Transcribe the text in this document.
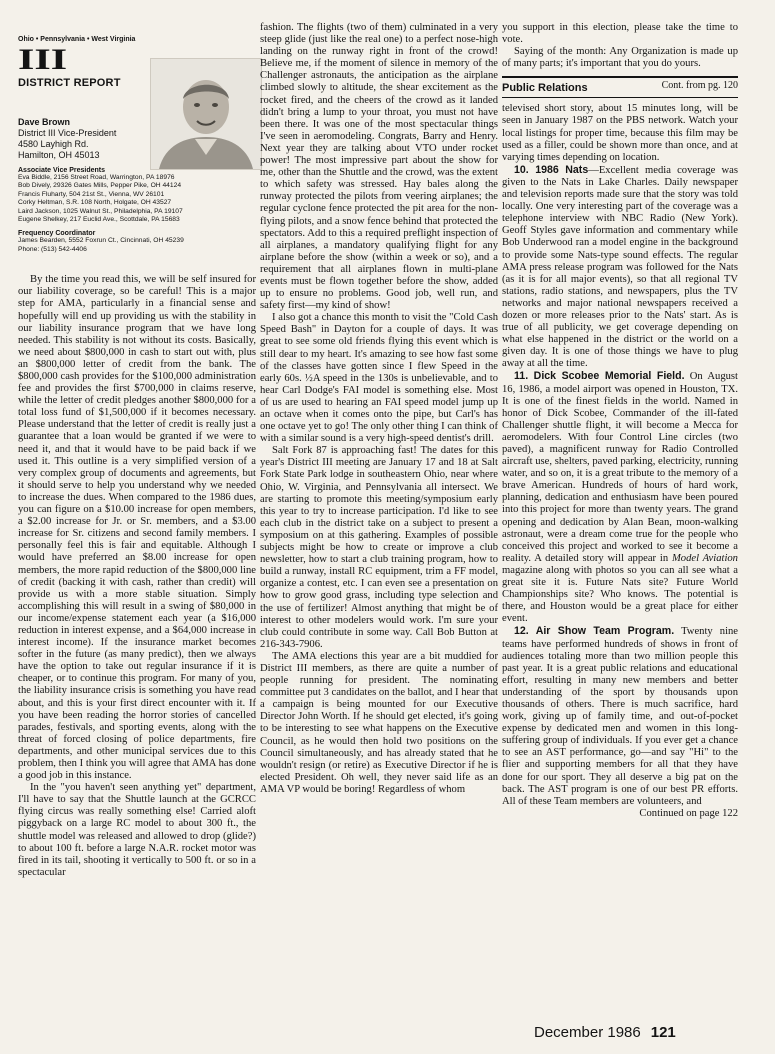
Ohio • Pennsylvania • West Virginia
III
DISTRICT REPORT
Dave Brown
District III Vice-President
4580 Layhigh Rd.
Hamilton, OH 45013
Associate Vice Presidents
Eva Biddle, 2156 Street Road, Warrington, PA 18976
Bob Dively, 29326 Gates Mills, Pepper Pike, OH 44124
Francis Fluharty, 504 21st St., Vienna, WV 26101
Corky Heltman, S.R. 108 North, Holgate, OH 43527
Laird Jackson, 1025 Walnut St., Philadelphia, PA 19107
Eugene Shelkey, 217 Euclid Ave., Scottdale, PA 15683
Frequency Coordinator
James Bearden, 5552 Foxrun Ct., Cincinnati, OH 45239
Phone: (513) 542-4406

By the time you read this, we will be self insured for our liability coverage, so be careful! This is a major step for AMA, particularly in a financial sense and hopefully will end up providing us with the stability in our liability insurance program that we have long needed. This stability is not without its costs. Basically, we need about $800,000 in cash to start out with, plus an $800,000 letter of credit from the bank. The $800,000 cash provides for the $100,000 administration fee and provides the first $700,000 in claims reserve, while the letter of credit pledges another $800,000 for a total loss fund of $1,500,000 if it becomes necessary. Please understand that the letter of credit is really just a guarantee that a loan would be granted if we were to need it, and that it would have to be paid back if we used it. This outline is a very simplified version of a very complex group of documents and agreements, but it should serve to help you understand why we needed to increase the dues. When compared to the 1986 dues, you can figure on a $10.00 increase for open members, a $2.00 increase for Jr. or Sr. members, and a $3.00 increase for Sr. citizens and second family members. I personally feel this is fair and equitable. Although I would have preferred an $8.00 increase for open members, the more rapid reduction of the $800,000 line of credit (backing it with cash, rather than credit) will provide us with a more stable situation. Simply accomplishing this will result in a swing of $80,000 in our income/expense statement each year (a $16,000 reduction in interest expense, and a $64,000 increase in interest income). If the insurance market becomes softer in the future (as many predict), then we always have the option to take out regular insurance if it is cheaper, or to continue this program. For many of you, the liability insurance crisis is something you have read about, and this is your first direct encounter with it. If you have been reading the horror stories of cancelled parades, festivals, and sporting events, along with the threat of forced closing of police departments, fire departments, and other municipal services due to this problem, then I think you will agree that AMA has done a good job in this instance.

In the "you haven't seen anything yet" department, I'll have to say that the Shuttle launch at the GCRCC flying circus was really something else! Carried aloft piggyback on a large RC model to about 300 ft., the shuttle model was released and allowed to drop (glide?) to about 100 ft. before a large N.A.R. rocket motor was fired in its tail, shooting it vertically to 500 ft. or so in a spectacular

fashion. The flights (two of them) culminated in a very steep glide (just like the real one) to a perfect nose-high landing on the runway right in front of the crowd! Believe me, if the moment of silence in memory of the Challenger astronauts, the anticipation as the airplane climbed slowly to altitude, the shear excitement as the rocket fired, and the cheers of the crowd as it landed didn't bring a lump to your throat, you must not have been there. It was one of the most spectacular things I've seen in aeromodeling. Congrats, Barry and Henry. Next year they are talking about VTO under rocket power! The most impressive part about the show for me, other than the Shuttle and the crowd, was the extent to which safety was stressed. Hay bales along the runway protected the pilots from veering airplanes; the regular cyclone fence protected the pit area for the non-flying pilots, and a snow fence behind that protected the spectators. Add to this a required preflight inspection of all airplanes, a mandatory qualifying flight for any airplane before the show (within a week or so), and a requirement that all airplanes flown in multi-plane events must be flown together before the show, added up to ensure no problems. Good job, well run, and safety first—my kind of show!

I also got a chance this month to visit the "Cold Cash Speed Bash" in Dayton for a couple of days. It was great to see some old friends flying this event which is still dear to my heart. It's amazing to see how fast some of the classes have gotten since I flew Speed in the early 60s. ½A speed in the 130s is unbelievable, and to hear Carl Dodge's FAI model is something else. Most of us are used to hearing an FAI speed model jump up an octave when it comes onto the pipe, but Carl's has one octave yet to go! The only other thing I can think of with a similar sound is a very high-speed dentist's drill.

Salt Fork 87 is approaching fast! The dates for this year's District III meeting are January 17 and 18 at Salt Fork State Park lodge in southeastern Ohio, near where Ohio, W. Virginia, and Pennsylvania all intersect. We are starting to promote this meeting/symposium early this year to try to increase participation. I'd like to see each club in the district take on a subject to present a symposium on at this gathering. Examples of possible subjects might be how to create or improve a club newsletter, how to start a club training program, how to build a runway, install RC equipment, trim a FF model, organize a contest, etc. I can even see a presentation on how to grow good grass, including type selection and the use of fertilizer! Almost anything that might be of interest to other modelers would work. I'm sure your club could contribute in some way. Call Bob Button at 216-343-7906.

The AMA elections this year are a bit muddied for District III members, as there are quite a number of people running for president. The nominating committee put 3 candidates on the ballot, and I hear that a campaign is being mounted for our Executive Director John Worth. If he should get elected, it's going to be interesting to see what happens on the Executive Council, as he would then hold two positions on the Council simultaneously, and has already stated that he wouldn't resign (or retire) as Executive Director if he is elected President. Oh well, they never said life as an AMA VP would be boring! Regardless of whom

you support in this election, please take the time to vote.

Saying of the month: Any Organization is made up of many parts; it's important that you do yours.

Public Relations	Cont. from pg. 120

televised short story, about 15 minutes long, will be seen in January 1987 on the PBS network. Watch your local listings for proper time, because this film may be used as a filler, could be shown more than once, and at varying times depending on location.

10. 1986 Nats—Excellent media coverage was given to the Nats in Lake Charles. Daily newspaper and television reports made sure that the story was told locally. One very interesting part of the coverage was a telephone interview with NBC Radio (New York). Geoff Styles gave information and commentary while Bob Underwood ran a model engine in the background to provide some Nats-type sound effects. The regular AMA press release program was followed for the Nats (as it is for all major events), so that all regional TV stations, radio stations, and newspapers, plus the TV networks and major national newspapers received a dozen or more releases prior to the Nats' start. As is true of all publicity, we get coverage depending on what else happened in the district or the world on a given day. It is one of those things we have to plug away at all the time.

11. Dick Scobee Memorial Field. On August 16, 1986, a model airport was opened in Houston, TX. It is one of the finest fields in the world. Named in honor of Dick Scobee, Commander of the ill-fated Challenger shuttle flight, it will become a Mecca for aeromodelers. With four Control Line circles (two paved), a magnificent runway for Radio Controlled aircraft use, shelters, paved parking, electricity, running water, and so on, it is a great tribute to the memory of a brave American. Hundreds of hours of hard work, planning, dedication and enthusiasm have been poured into this project for more than twenty years. The grand opening and dedication by Alan Bean, moon-walking astronaut, were a dream come true for the people who conceived this project and worked to see it become a reality. A detailed story will appear in Model Aviation magazine along with photos so you can all see what a great site it is. Future Nats site? Future World Championships site? Who knows. The potential is there, and Houston would be a great place for either event.

12. Air Show Team Program. Twenty nine teams have performed hundreds of shows in front of audiences totaling more than two million people this past year. It is a great public relations and educational effort, resulting in many new members and better understanding of the sport by thousands upon thousands of others. There is much sacrifice, hard work, giving up of family time, and out-of-pocket expense by dedicated men and women in this long-suffering group of individuals. If you ever get a chance to see an AST performance, go—and say "Hi" to the flier and supporting members for all that they have done for our sport. They all deserve a big pat on the back. The AST program is one of our best PR efforts. All of these Team members are volunteers, and

Continued on page 122

December 1986 121
